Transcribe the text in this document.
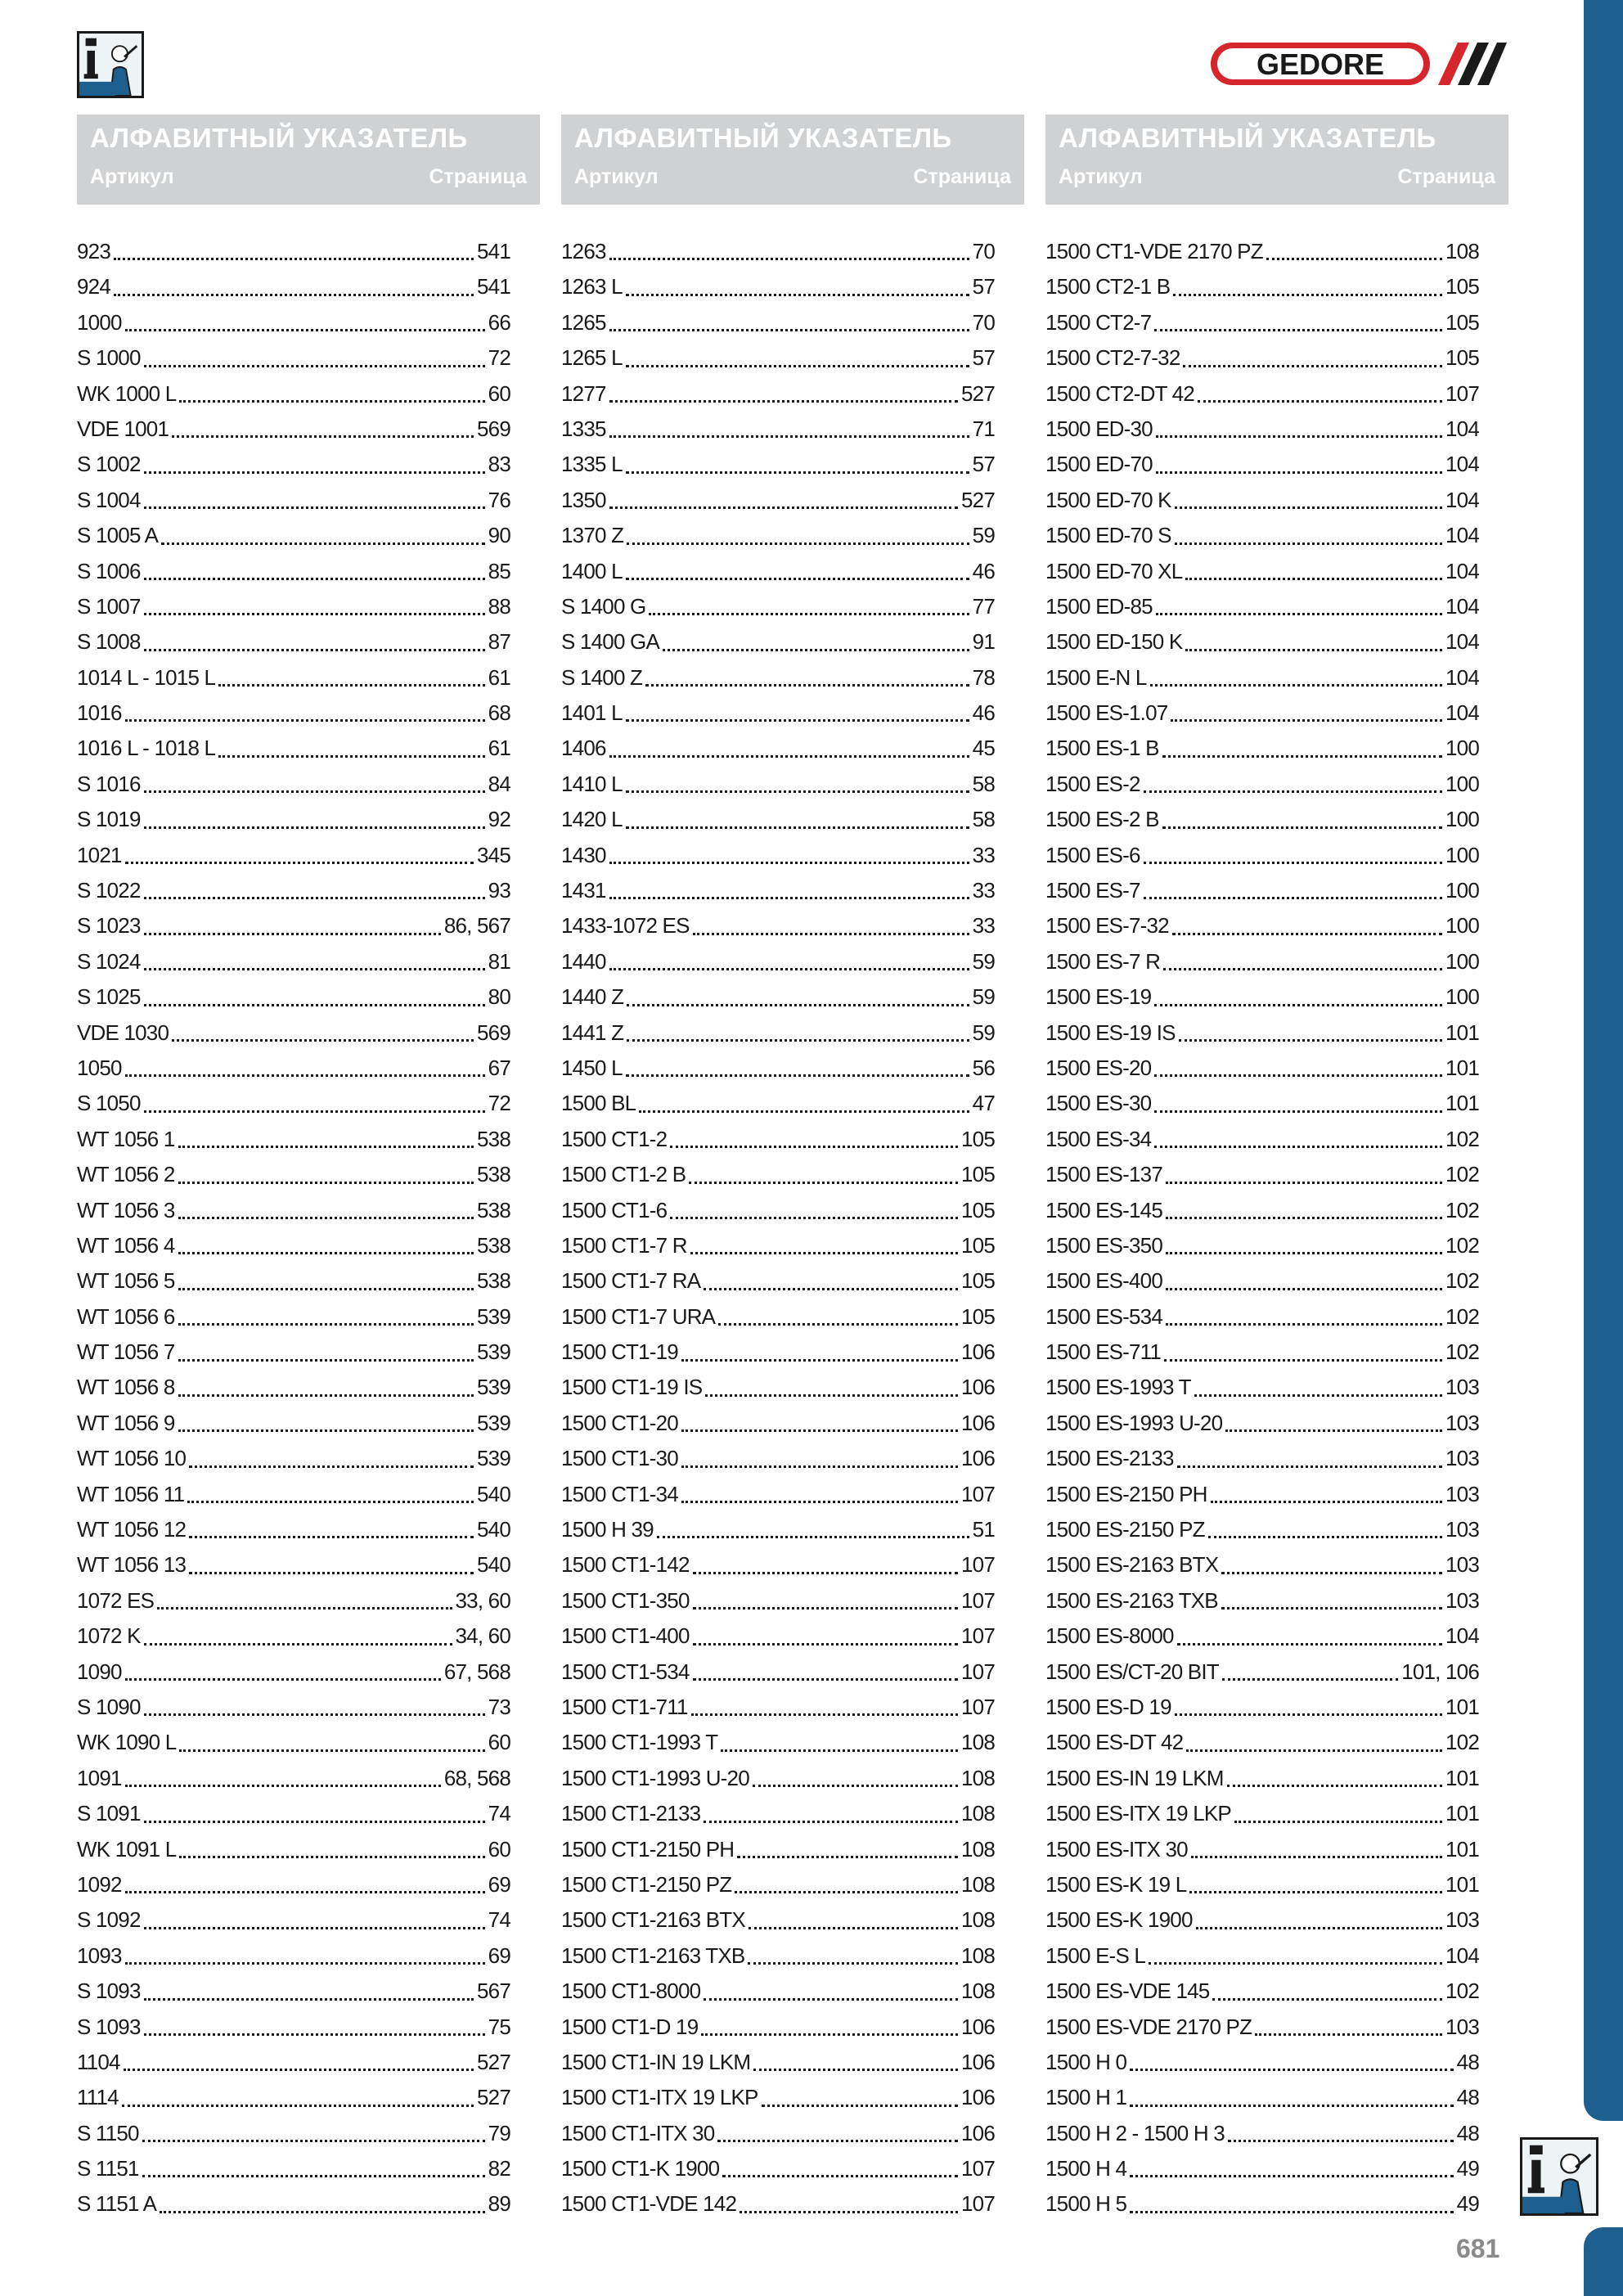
GEDORE
АЛФАВИТНЫЙ УКАЗАТЕЛЬ
Артикул	Страница
АЛФАВИТНЫЙ УКАЗАТЕЛЬ
Артикул	Страница
АЛФАВИТНЫЙ УКАЗАТЕЛЬ
Артикул	Страница
923	541
924	541
1000	66
S 1000	72
WK 1000 L	60
VDE 1001	569
S 1002	83
S 1004	76
S 1005 A	90
S 1006	85
S 1007	88
S 1008	87
1014 L - 1015 L	61
1016	68
1016 L - 1018 L	61
S 1016	84
S 1019	92
1021	345
S 1022	93
S 1023	86, 567
S 1024	81
S 1025	80
VDE 1030	569
1050	67
S 1050	72
WT 1056 1	538
WT 1056 2	538
WT 1056 3	538
WT 1056 4	538
WT 1056 5	538
WT 1056 6	539
WT 1056 7	539
WT 1056 8	539
WT 1056 9	539
WT 1056 10	539
WT 1056 11	540
WT 1056 12	540
WT 1056 13	540
1072 ES	33, 60
1072 K	34, 60
1090	67, 568
S 1090	73
WK 1090 L	60
1091	68, 568
S 1091	74
WK 1091 L	60
1092	69
S 1092	74
1093	69
S 1093	567
S 1093	75
1104	527
1114	527
S 1150	79
S 1151	82
S 1151 A	89
1263	70
1263 L	57
1265	70
1265 L	57
1277	527
1335	71
1335 L	57
1350	527
1370 Z	59
1400 L	46
S 1400 G	77
S 1400 GA	91
S 1400 Z	78
1401 L	46
1406	45
1410 L	58
1420 L	58
1430	33
1431	33
1433-1072 ES	33
1440	59
1440 Z	59
1441 Z	59
1450 L	56
1500 BL	47
1500 CT1-2	105
1500 CT1-2 B	105
1500 CT1-6	105
1500 CT1-7 R	105
1500 CT1-7 RA	105
1500 CT1-7 URA	105
1500 CT1-19	106
1500 CT1-19 IS	106
1500 CT1-20	106
1500 CT1-30	106
1500 CT1-34	107
1500 H 39	51
1500 CT1-142	107
1500 CT1-350	107
1500 CT1-400	107
1500 CT1-534	107
1500 CT1-711	107
1500 CT1-1993 T	108
1500 CT1-1993 U-20	108
1500 CT1-2133	108
1500 CT1-2150 PH	108
1500 CT1-2150 PZ	108
1500 CT1-2163 BTX	108
1500 CT1-2163 TXB	108
1500 CT1-8000	108
1500 CT1-D 19	106
1500 CT1-IN 19 LKM	106
1500 CT1-ITX 19 LKP	106
1500 CT1-ITX 30	106
1500 CT1-K 1900	107
1500 CT1-VDE 142	107
1500 CT1-VDE 2170 PZ	108
1500 CT2-1 B	105
1500 CT2-7	105
1500 CT2-7-32	105
1500 CT2-DT 42	107
1500 ED-30	104
1500 ED-70	104
1500 ED-70 K	104
1500 ED-70 S	104
1500 ED-70 XL	104
1500 ED-85	104
1500 ED-150 K	104
1500 E-N L	104
1500 ES-1.07	104
1500 ES-1 B	100
1500 ES-2	100
1500 ES-2 B	100
1500 ES-6	100
1500 ES-7	100
1500 ES-7-32	100
1500 ES-7 R	100
1500 ES-19	100
1500 ES-19 IS	101
1500 ES-20	101
1500 ES-30	101
1500 ES-34	102
1500 ES-137	102
1500 ES-145	102
1500 ES-350	102
1500 ES-400	102
1500 ES-534	102
1500 ES-711	102
1500 ES-1993 T	103
1500 ES-1993 U-20	103
1500 ES-2133	103
1500 ES-2150 PH	103
1500 ES-2150 PZ	103
1500 ES-2163 BTX	103
1500 ES-2163 TXB	103
1500 ES-8000	104
1500 ES/CT-20 BIT	101, 106
1500 ES-D 19	101
1500 ES-DT 42	102
1500 ES-IN 19 LKM	101
1500 ES-ITX 19 LKP	101
1500 ES-ITX 30	101
1500 ES-K 19 L	101
1500 ES-K 1900	103
1500 E-S L	104
1500 ES-VDE 145	102
1500 ES-VDE 2170 PZ	103
1500 H 0	48
1500 H 1	48
1500 H 2 - 1500 H 3	48
1500 H 4	49
1500 H 5	49
681
